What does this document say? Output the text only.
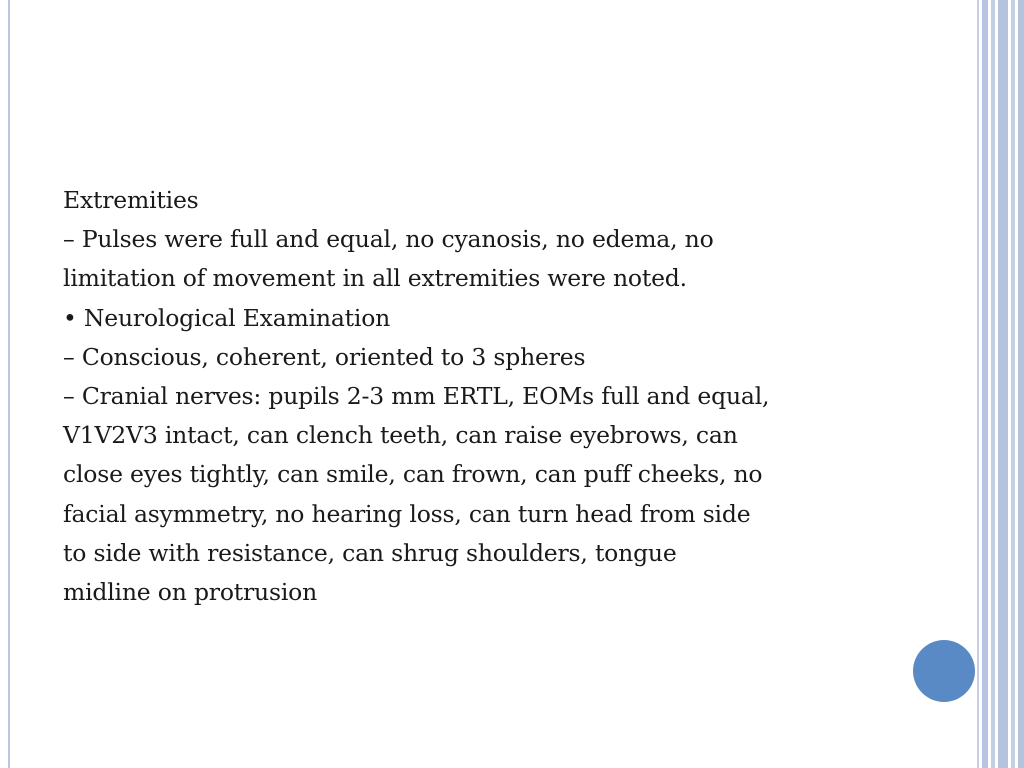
Extremities
– Pulses were full and equal, no cyanosis, no edema, no
limitation of movement in all extremities were noted.
• Neurological Examination
– Conscious, coherent, oriented to 3 spheres
– Cranial nerves: pupils 2-3 mm ERTL, EOMs full and equal,
V1V2V3 intact, can clench teeth, can raise eyebrows, can
close eyes tightly, can smile, can frown, can puff cheeks, no
facial asymmetry, no hearing loss, can turn head from side
to side with resistance, can shrug shoulders, tongue
midline on protrusion
